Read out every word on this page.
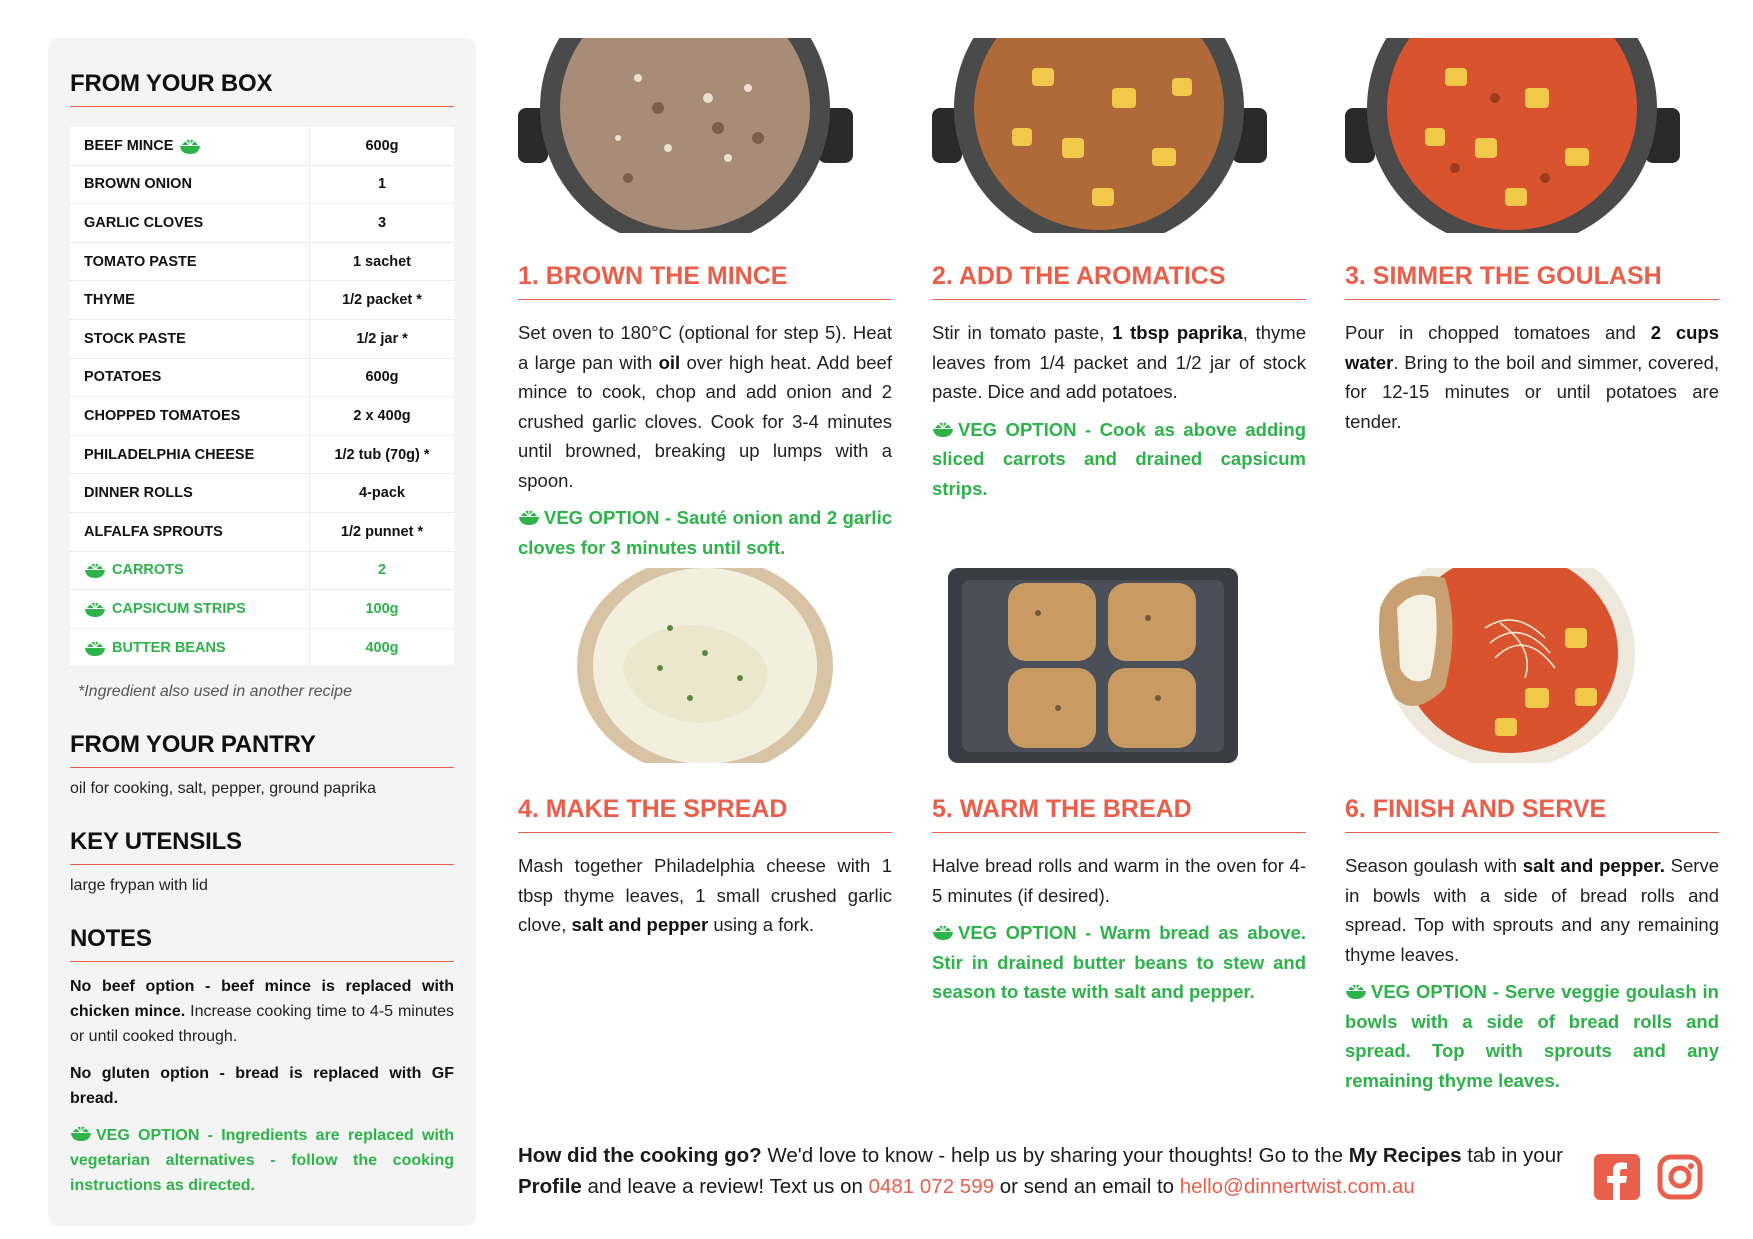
FROM YOUR BOX
BEEF MINCE	600g
BROWN ONION	1
GARLIC CLOVES	3
TOMATO PASTE	1 sachet
THYME	1/2 packet *
STOCK PASTE	1/2 jar *
POTATOES	600g
CHOPPED TOMATOES	2 x 400g
PHILADELPHIA CHEESE	1/2 tub (70g) *
DINNER ROLLS	4-pack
ALFALFA SPROUTS	1/2 punnet *
CARROTS	2
CAPSICUM STRIPS	100g
BUTTER BEANS	400g
*Ingredient also used in another recipe
FROM YOUR PANTRY
oil for cooking, salt, pepper, ground paprika
KEY UTENSILS
large frypan with lid
NOTES
No beef option - beef mince is replaced with chicken mince. Increase cooking time to 4-5 minutes or until cooked through.
No gluten option - bread is replaced with GF bread.
VEG OPTION - Ingredients are replaced with vegetarian alternatives - follow the cooking instructions as directed.
1. BROWN THE MINCE
Set oven to 180°C (optional for step 5). Heat a large pan with oil over high heat. Add beef mince to cook, chop and add onion and 2 crushed garlic cloves. Cook for 3-4 minutes until browned, breaking up lumps with a spoon.
VEG OPTION - Sauté onion and 2 garlic cloves for 3 minutes until soft.
2. ADD THE AROMATICS
Stir in tomato paste, 1 tbsp paprika, thyme leaves from 1/4 packet and 1/2 jar of stock paste. Dice and add potatoes.
VEG OPTION - Cook as above adding sliced carrots and drained capsicum strips.
3. SIMMER THE GOULASH
Pour in chopped tomatoes and 2 cups water. Bring to the boil and simmer, covered, for 12-15 minutes or until potatoes are tender.
4. MAKE THE SPREAD
Mash together Philadelphia cheese with 1 tbsp thyme leaves, 1 small crushed garlic clove, salt and pepper using a fork.
5. WARM THE BREAD
Halve bread rolls and warm in the oven for 4-5 minutes (if desired).
VEG OPTION - Warm bread as above. Stir in drained butter beans to stew and season to taste with salt and pepper.
6. FINISH AND SERVE
Season goulash with salt and pepper. Serve in bowls with a side of bread rolls and spread. Top with sprouts and any remaining thyme leaves.
VEG OPTION - Serve veggie goulash in bowls with a side of bread rolls and spread. Top with sprouts and any remaining thyme leaves.
How did the cooking go? We'd love to know - help us by sharing your thoughts! Go to the My Recipes tab in your Profile and leave a review! Text us on 0481 072 599 or send an email to hello@dinnertwist.com.au
